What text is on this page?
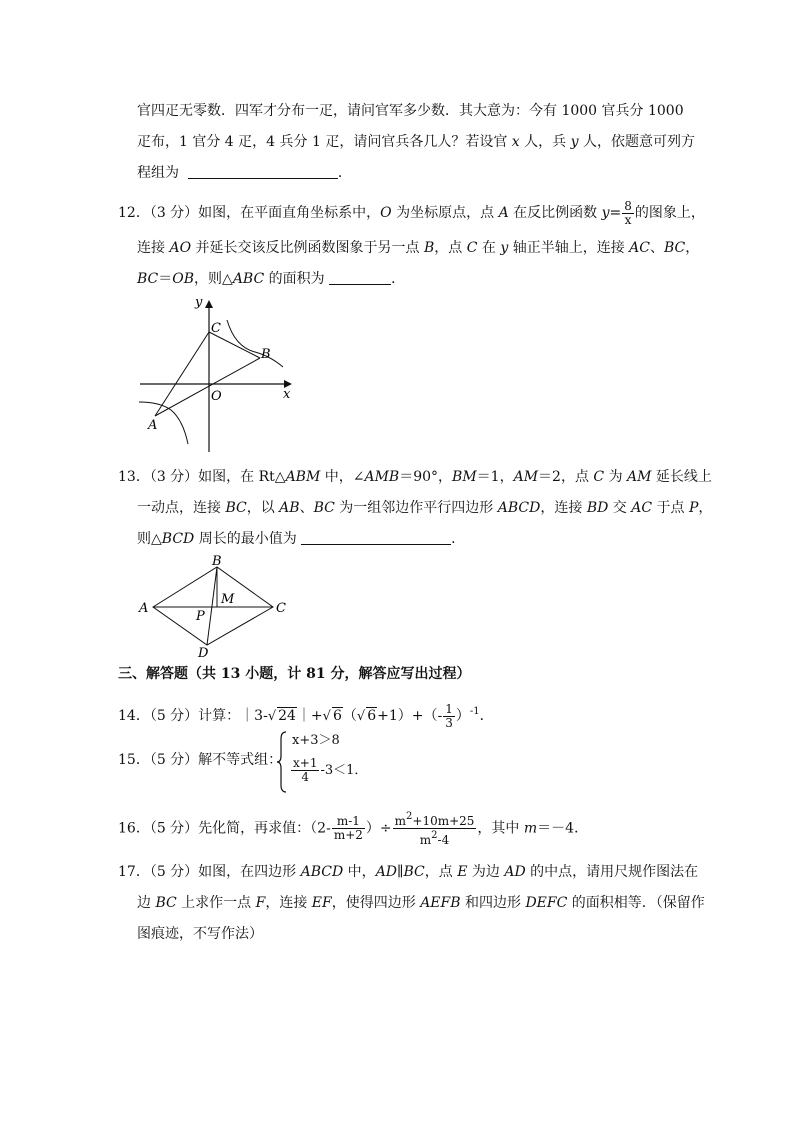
官四疋无零数．四军才分布一疋，请问官军多少数．其大意为：今有 1000 官兵分 1000
疋布，1 官分 4 疋，4 兵分 1 疋，请问官兵各几人？若设官 x 人，兵 y 人，依题意可列方
程组为	．
12．（3 分）如图，在平面直角坐标系中，O 为坐标原点，点 A 在反比例函数 $y= \frac{8}{x}$ 的图象上，
连接 AO 并延长交该反比例函数图象于另一点 B，点 C 在 y 轴正半轴上，连接 AC、BC，
BC＝OB，则△ABC 的面积为	．
y
x
C
B
O
A
13．（3 分）如图，在 Rt△ABM 中，∠AMB＝90°，BM＝1，AM＝2，点 C 为 AM 延长线上
一动点，连接 BC，以 AB、BC 为一组邻边作平行四边形 ABCD，连接 BD 交 AC 于点 P，
则△BCD 周长的最小值为	．
B
M
A	C
P
D
三、解答题（共 13 小题，计 81 分，解答应写出过程）
14．（5 分）计算：｜3-√ 24｜+√ 6（√ $6+1)+(- \frac{1}{3} )^{-1}$．
15．（5 分）解不等式组：
x+3＞8
$\frac{x+1}{4} -3<1$．
16．（5 分）先化简，再求值：（$2- \frac{m-1}{m+2}$ ）÷ $\frac{m^2+10m+25}{m^2-4}$ ，其中 m＝－4．
17．（5 分）如图，在四边形 ABCD 中，AD∥BC，点 E 为边 AD 的中点，请用尺规作图法在
边 BC 上求作一点 F，连接 EF，使得四边形 AEFB 和四边形 DEFC 的面积相等．（保留作
图痕迹，不写作法）
